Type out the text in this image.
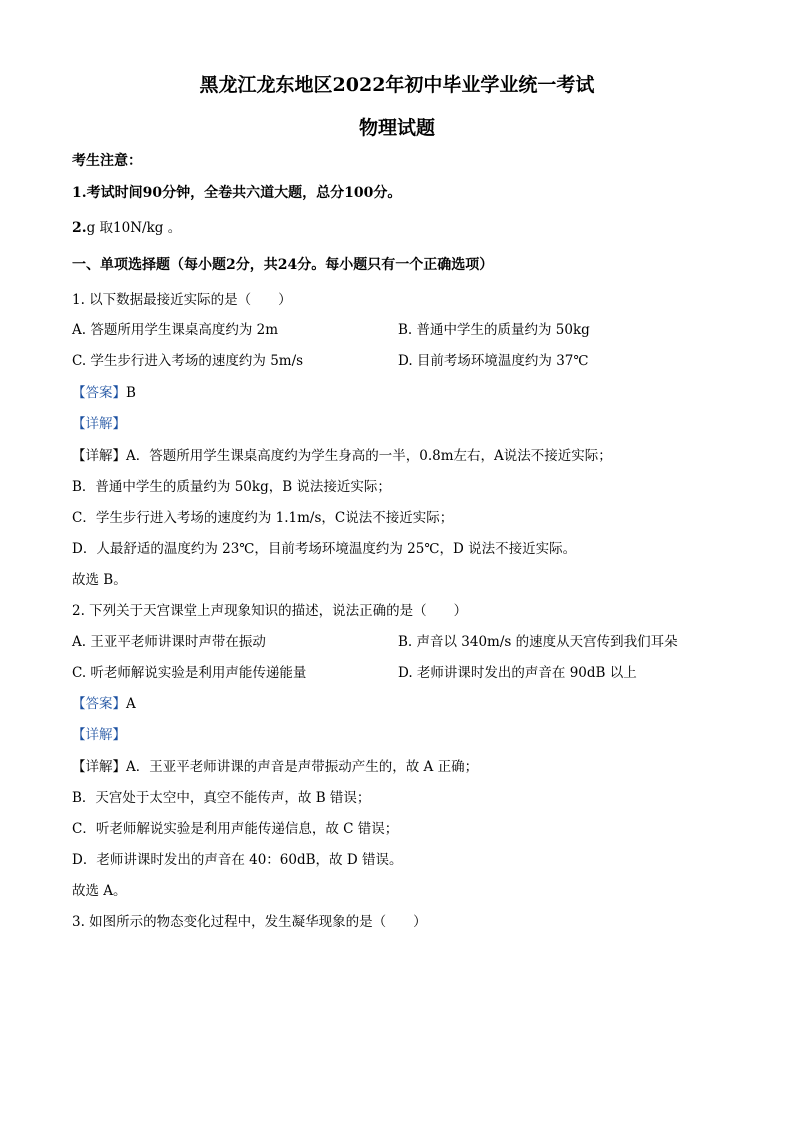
黑龙江龙东地区2022年初中毕业学业统一考试
物理试题
考生注意：
1.考试时间90分钟，全卷共六道大题，总分100分。
2.g 取10N/kg 。
一、单项选择题（每小题2分，共24分。每小题只有一个正确选项）
1. 以下数据最接近实际的是（　　）
A. 答题所用学生课桌高度约为 2m	B. 普通中学生的质量约为 50kg
C. 学生步行进入考场的速度约为 5m/s	D. 目前考场环境温度约为 37℃
【答案】B
【详解】
【详解】A．答题所用学生课桌高度约为学生身高的一半，0.8m左右，A说法不接近实际；
B．普通中学生的质量约为 50kg，B 说法接近实际；
C．学生步行进入考场的速度约为 1.1m/s，C说法不接近实际；
D．人最舒适的温度约为 23℃，目前考场环境温度约为 25℃，D 说法不接近实际。
故选 B。
2. 下列关于天宫课堂上声现象知识的描述，说法正确的是（　　）
A. 王亚平老师讲课时声带在振动	B. 声音以 340m/s 的速度从天宫传到我们耳朵
C. 听老师解说实验是利用声能传递能量	D. 老师讲课时发出的声音在 90dB 以上
【答案】A
【详解】
【详解】A．王亚平老师讲课的声音是声带振动产生的，故 A 正确；
B．天宫处于太空中，真空不能传声，故 B 错误；
C．听老师解说实验是利用声能传递信息，故 C 错误；
D．老师讲课时发出的声音在 40：60dB，故 D 错误。
故选 A。
3. 如图所示的物态变化过程中，发生凝华现象的是（　　）
